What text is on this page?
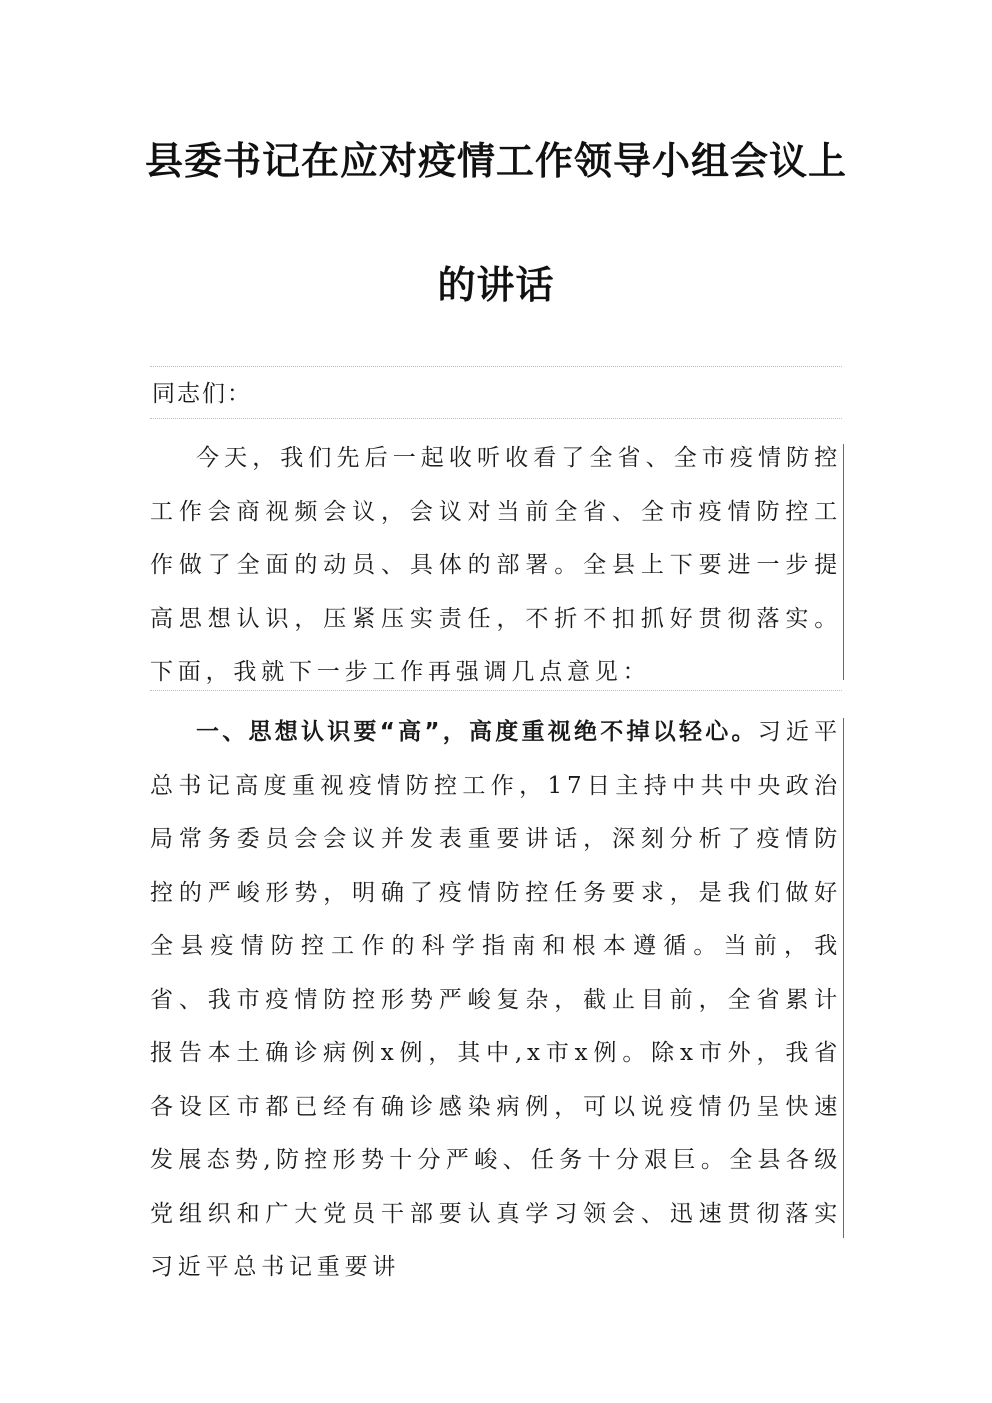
县委书记在应对疫情工作领导小组会议上
的讲话
同志们：
今天，我们先后一起收听收看了全省、全市疫情防控工作会商视频会议，会议对当前全省、全市疫情防控工作做了全面的动员、具体的部署。全县上下要进一步提高思想认识，压紧压实责任，不折不扣抓好贯彻落实。下面，我就下一步工作再强调几点意见：
一、思想认识要“高”，高度重视绝不掉以轻心。习近平总书记高度重视疫情防控工作，17日主持中共中央政治局常务委员会会议并发表重要讲话，深刻分析了疫情防控的严峻形势，明确了疫情防控任务要求，是我们做好全县疫情防控工作的科学指南和根本遵循。当前，我省、我市疫情防控形势严峻复杂，截止目前，全省累计报告本土确诊病例x例，其中,x市x例。除x市外，我省各设区市都已经有确诊感染病例，可以说疫情仍呈快速发展态势,防控形势十分严峻、任务十分艰巨。全县各级党组织和广大党员干部要认真学习领会、迅速贯彻落实习近平总书记重要讲
